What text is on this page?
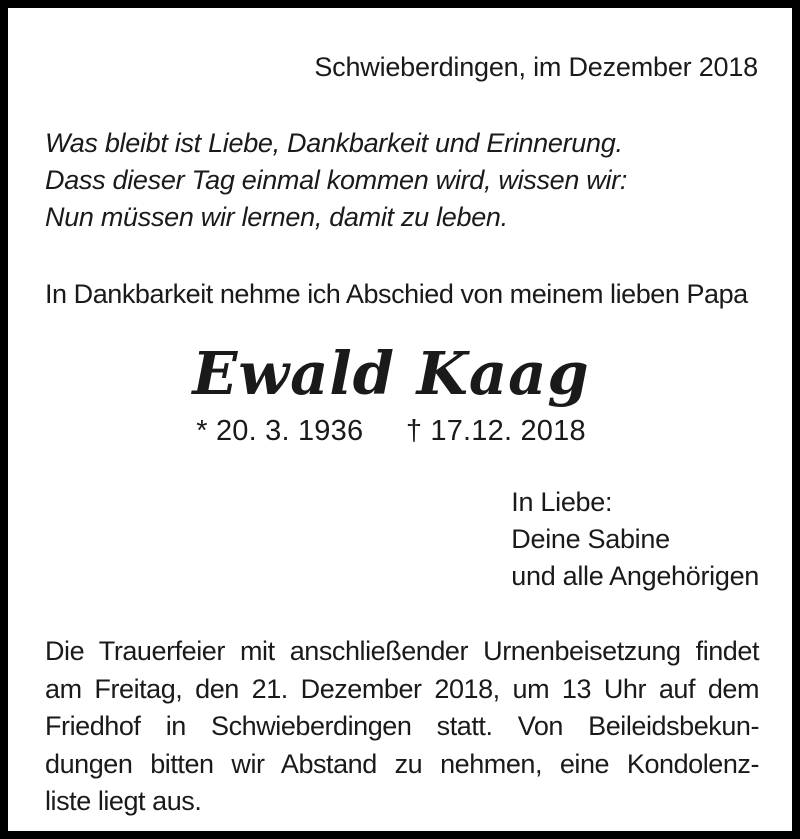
Schwieberdingen, im Dezember 2018
Was bleibt ist Liebe, Dankbarkeit und Erinnerung.
Dass dieser Tag einmal kommen wird, wissen wir:
Nun müssen wir lernen, damit zu leben.
In Dankbarkeit nehme ich Abschied von meinem lieben Papa
Ewald Kaag
* 20. 3. 1936 † 17.12. 2018
In Liebe:
Deine Sabine
und alle Angehörigen
Die Trauerfeier mit anschließender Urnenbeisetzung findet
am Freitag, den 21. Dezember 2018, um 13 Uhr auf dem
Friedhof in Schwieberdingen statt. Von Beileidsbekun-
dungen bitten wir Abstand zu nehmen, eine Kondolenz-
liste liegt aus.
